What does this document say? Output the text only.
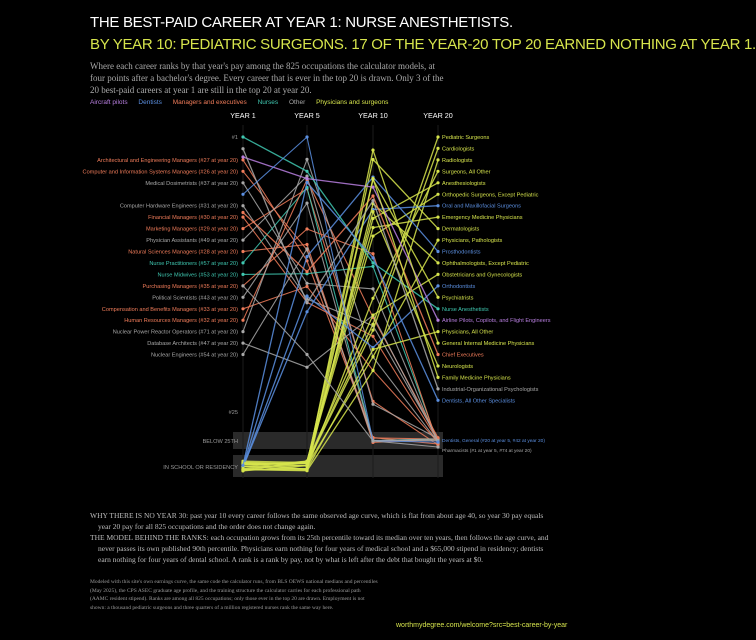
THE BEST-PAID CAREER AT YEAR 1: NURSE ANESTHETISTS.
BY YEAR 10: PEDIATRIC SURGEONS. 17 OF THE YEAR-20 TOP 20 EARNED NOTHING AT YEAR 1.
Where each career ranks by that year's pay among the 825 occupations the calculator models, at four points after a bachelor's degree. Every career that is ever in the top 20 is drawn. Only 3 of the 20 best-paid careers at year 1 are still in the top 20 at year 20.
Aircraft pilots Dentists Managers and executives Nurses Other Physicians and surgeons
YEAR 1	YEAR 5	YEAR 10	YEAR 20
#1
#25
BELOW 25TH
IN SCHOOL OR RESIDENCY
Architectural and Engineering Managers (#27 at year 20)
Computer and Information Systems Managers (#26 at year 20)
Medical Dosimetrists (#37 at year 20)
Computer Hardware Engineers (#31 at year 20)
Financial Managers (#30 at year 20)
Marketing Managers (#29 at year 20)
Physician Assistants (#49 at year 20)
Natural Sciences Managers (#28 at year 20)
Nurse Practitioners (#57 at year 20)
Nurse Midwives (#53 at year 20)
Purchasing Managers (#35 at year 20)
Political Scientists (#43 at year 20)
Compensation and Benefits Managers (#33 at year 20)
Human Resources Managers (#32 at year 20)
Nuclear Power Reactor Operators (#71 at year 20)
Database Architects (#47 at year 20)
Nuclear Engineers (#54 at year 20)
Pediatric Surgeons
Cardiologists
Radiologists
Surgeons, All Other
Anesthesiologists
Orthopedic Surgeons, Except Pediatric
Oral and Maxillofacial Surgeons
Emergency Medicine Physicians
Dermatologists
Physicians, Pathologists
Prosthodontists
Ophthalmologists, Except Pediatric
Obstetricians and Gynecologists
Orthodontists
Psychiatrists
Nurse Anesthetists
Airline Pilots, Copilots, and Flight Engineers
Physicians, All Other
General Internal Medicine Physicians
Chief Executives
Neurologists
Family Medicine Physicians
Industrial-Organizational Psychologists
Dentists, All Other Specialists
Dentists, General (#20 at year 5, #42 at year 20)
Pharmacists (#1 at year 5, #74 at year 20)

WHY THERE IS NO YEAR 30: past year 10 every career follows the same observed age curve, which is flat from about age 40, so year 30 pay equals year 20 pay for all 825 occupations and the order does not change again.

THE MODEL BEHIND THE RANKS: each occupation grows from its 25th percentile toward its median over ten years, then follows the age curve, and never passes its own published 90th percentile. Physicians earn nothing for four years of medical school and a $65,000 stipend in residency; dentists earn nothing for four years of dental school. A rank is a rank by pay, not by what is left after the debt that bought the years at $0.

Modeled with this site's own earnings curve, the same code the calculator runs, from BLS OEWS national medians and percentiles (May 2025), the CPS ASEC graduate age profile, and the training structure the calculator carries for each professional path (AAMC resident stipend). Ranks are among all 825 occupations; only those ever in the top 20 are drawn. Employment is not shown: a thousand pediatric surgeons and three quarters of a million registered nurses rank the same way here.
worthmydegree.com/welcome?src=best-career-by-year
